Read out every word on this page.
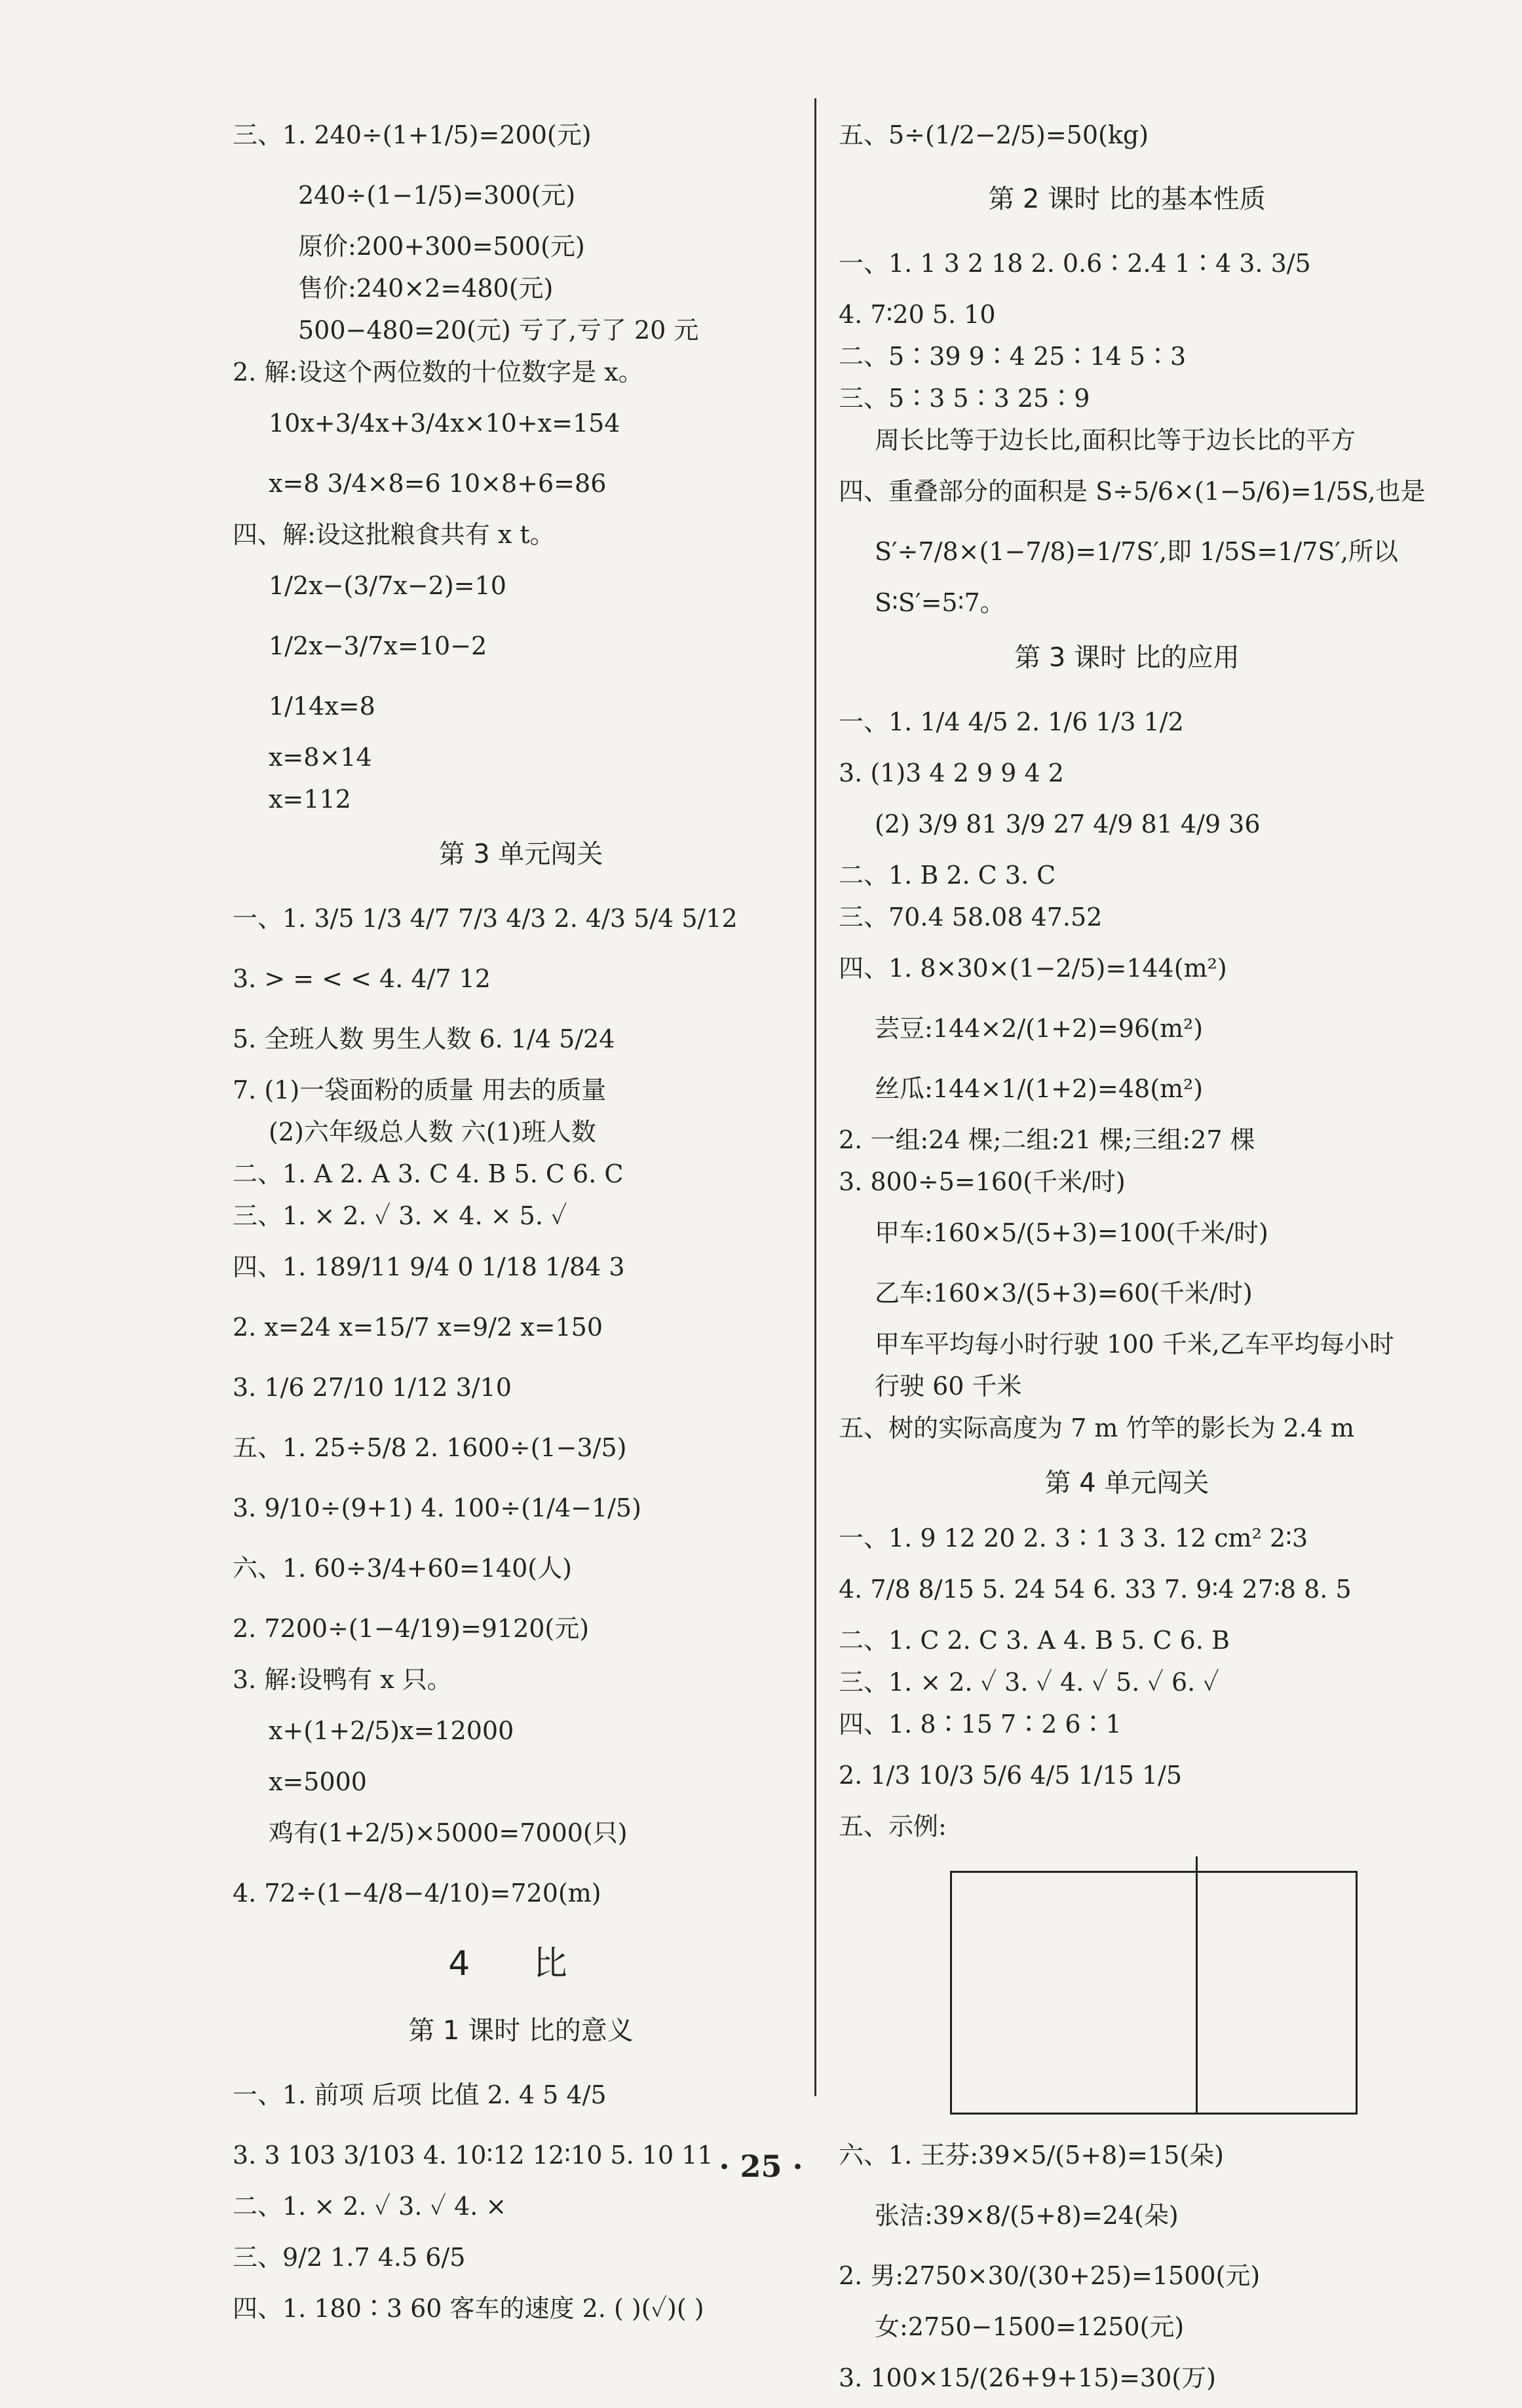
三、1. 240÷(1+1/5)=200(元)
240÷(1−1/5)=300(元)
原价:200+300=500(元)
售价:240×2=480(元)
500−480=20(元) 亏了,亏了 20 元
2. 解:设这个两位数的十位数字是 x。
10x+3/4x+3/4x×10+x=154
x=8 3/4×8=6 10×8+6=86
四、解:设这批粮食共有 x t。
1/2x−(3/7x−2)=10
1/2x−3/7x=10−2
1/14x=8
x=8×14
x=112
第 3 单元闯关
一、1. 3/5 1/3 4/7 7/3 4/3 2. 4/3 5/4 5/12
3. > = < < 4. 4/7 12
5. 全班人数 男生人数 6. 1/4 5/24
7. (1)一袋面粉的质量 用去的质量
(2)六年级总人数 六(1)班人数
二、1. A 2. A 3. C 4. B 5. C 6. C
三、1. × 2. ✓ 3. × 4. × 5. ✓
四、1. 189/11 9/4 0 1/18 1/84 3
2. x=24 x=15/7 x=9/2 x=150
3. 1/6 27/10 1/12 3/10
五、1. 25÷5/8 2. 1600÷(1−3/5)
3. 9/10÷(9+1) 4. 100÷(1/4−1/5)
六、1. 60÷3/4+60=140(人)
2. 7200÷(1−4/19)=9120(元)
3. 解:设鸭有 x 只。
x+(1+2/5)x=12000
x=5000
鸡有(1+2/5)×5000=7000(只)
4. 72÷(1−4/8−4/10)=720(m)
4 比
第 1 课时 比的意义
一、1. 前项 后项 比值 2. 4 5 4/5
3. 3 103 3/103 4. 10∶12 12∶10 5. 10 11
二、1. × 2. ✓ 3. ✓ 4. ×
三、9/2 1.7 4.5 6/5
四、1. 180∶3 60 客车的速度 2. ( )(✓)( )
五、5÷(1/2−2/5)=50(kg)
第 2 课时 比的基本性质
一、1. 1 3 2 18 2. 0.6∶2.4 1∶4 3. 3/5
4. 7∶20 5. 10
二、5∶39 9∶4 25∶14 5∶3
三、5∶3 5∶3 25∶9
周长比等于边长比,面积比等于边长比的平方
四、重叠部分的面积是 S÷5/6×(1−5/6)=1/5S,也是
S′÷7/8×(1−7/8)=1/7S′,即 1/5S=1/7S′,所以
S∶S′=5∶7。
第 3 课时 比的应用
一、1. 1/4 4/5 2. 1/6 1/3 1/2
3. (1)3 4 2 9 9 4 2
(2) 3/9 81 3/9 27 4/9 81 4/9 36
二、1. B 2. C 3. C
三、70.4 58.08 47.52
四、1. 8×30×(1−2/5)=144(m²)
芸豆:144×2/(1+2)=96(m²)
丝瓜:144×1/(1+2)=48(m²)
2. 一组:24 棵;二组:21 棵;三组:27 棵
3. 800÷5=160(千米/时)
甲车:160×5/(5+3)=100(千米/时)
乙车:160×3/(5+3)=60(千米/时)
甲车平均每小时行驶 100 千米,乙车平均每小时
行驶 60 千米
五、树的实际高度为 7 m 竹竿的影长为 2.4 m
第 4 单元闯关
一、1. 9 12 20 2. 3∶1 3 3. 12 cm² 2∶3
4. 7/8 8/15 5. 24 54 6. 33 7. 9∶4 27∶8 8. 5
二、1. C 2. C 3. A 4. B 5. C 6. B
三、1. × 2. ✓ 3. ✓ 4. ✓ 5. ✓ 6. ✓
四、1. 8∶15 7∶2 6∶1
2. 1/3 10/3 5/6 4/5 1/15 1/5
五、示例:
六、1. 王芬:39×5/(5+8)=15(朵)
张洁:39×8/(5+8)=24(朵)
2. 男:2750×30/(30+25)=1500(元)
女:2750−1500=1250(元)
3. 100×15/(26+9+15)=30(万)
· 25 ·
